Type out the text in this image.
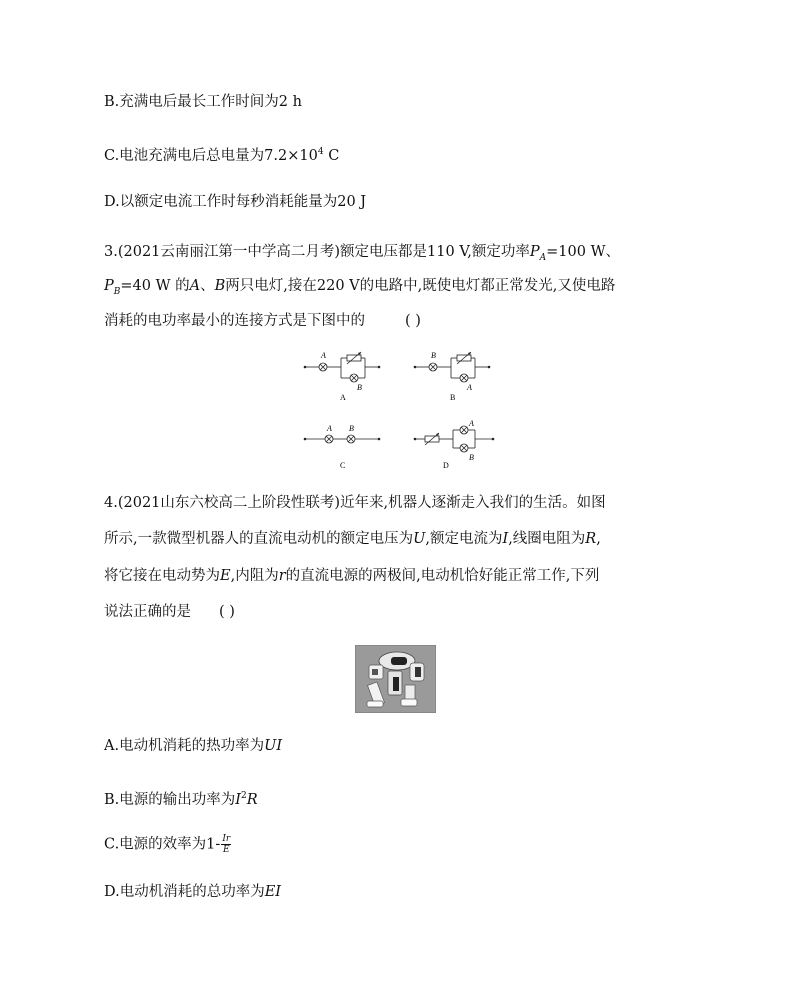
B.充满电后最长工作时间为2 h
C.电池充满电后总电量为$7.2\times 10^4$ C
D.以额定电流工作时每秒消耗能量为20 J
3.(2021云南丽江第一中学高二月考)额定电压都是110 V,额定功率$P_A=100$ W、
$P_B=40$ W 的A、B两只电灯,接在220 V的电路中,既使电灯都正常发光,又使电路
消耗的电功率最小的连接方式是下图中的	( )
A
B
A
B
A
B
A B
C
A
B
D
4.(2021山东六校高二上阶段性联考)近年来,机器人逐渐走入我们的生活。如图
所示,一款微型机器人的直流电动机的额定电压为U,额定电流为I,线圈电阻为R,
将它接在电动势为E,内阻为r的直流电源的两极间,电动机恰好能正常工作,下列
说法正确的是 ( )
A.电动机消耗的热功率为UI
B.电源的输出功率为$I^2R$
C.电源的效率为$1- \frac{Ir}{E}$
D.电动机消耗的总功率为EI
